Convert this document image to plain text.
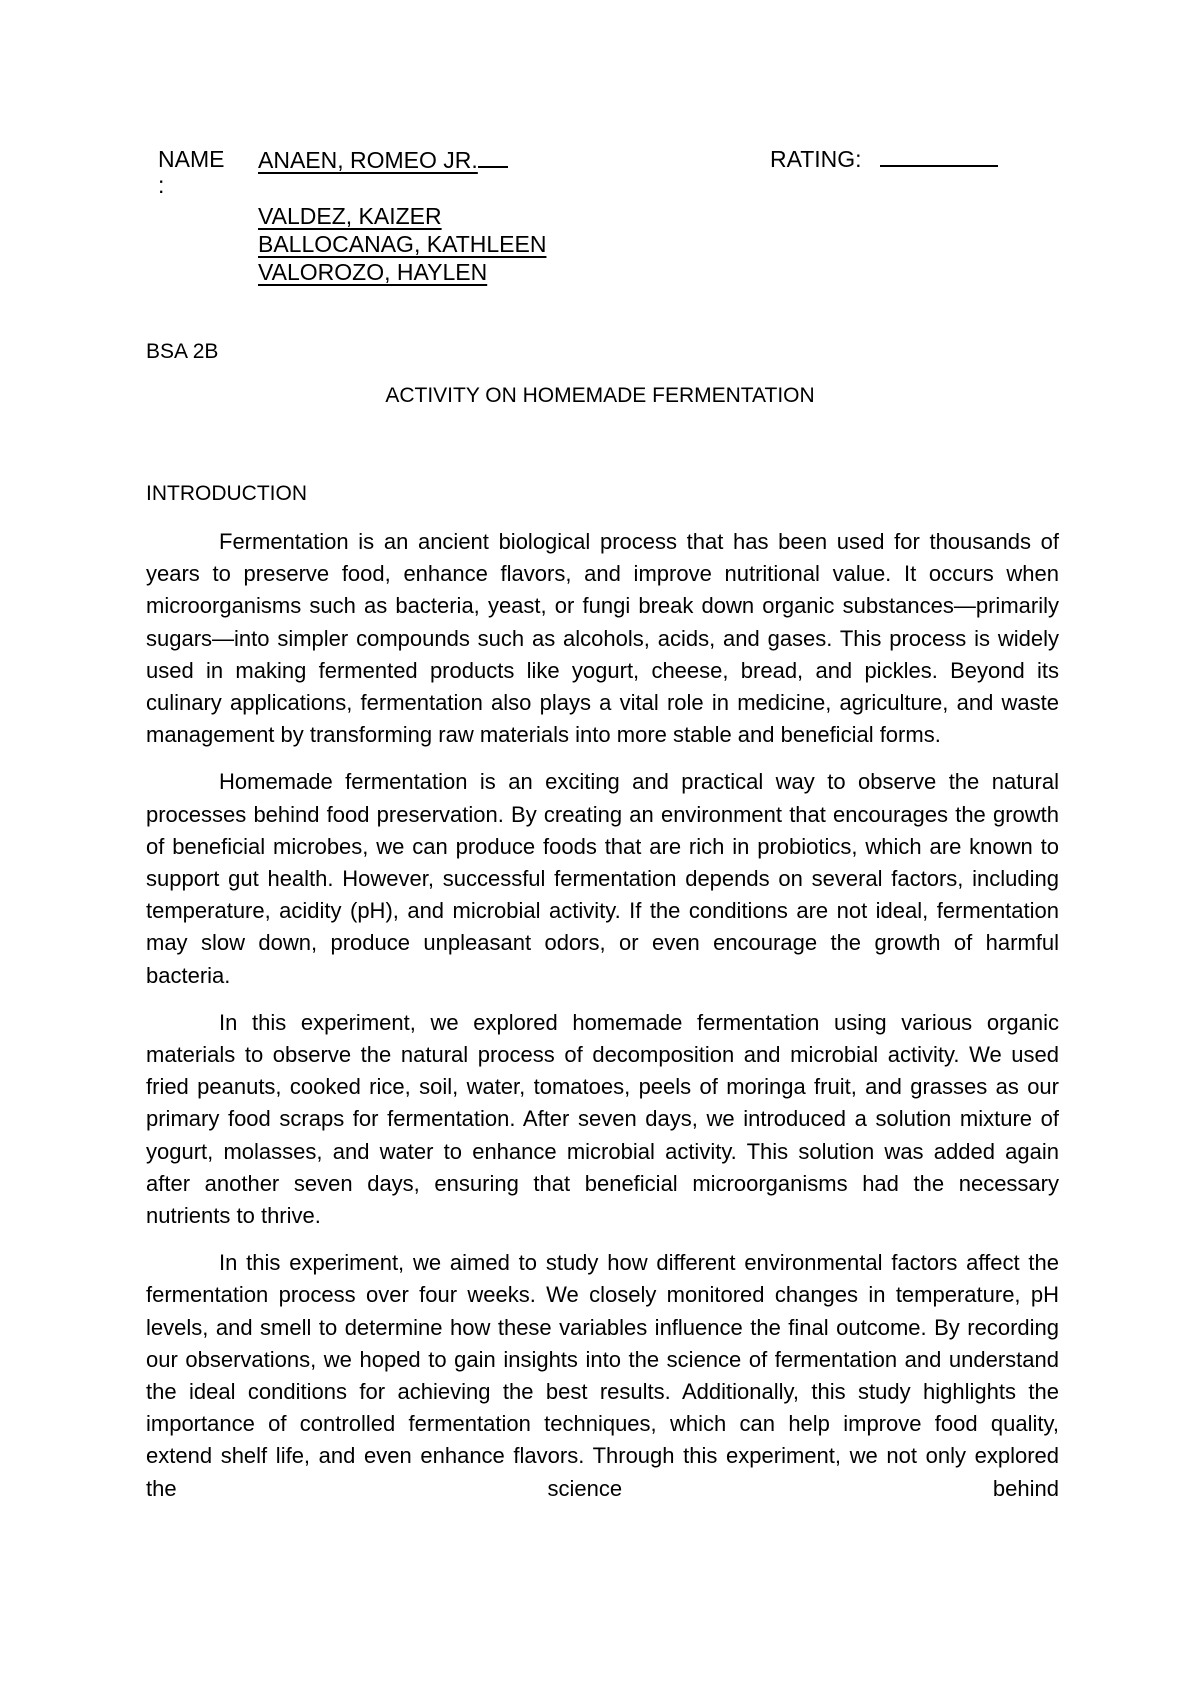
NAME
:
ANAEN, ROMEO JR.
VALDEZ, KAIZER
BALLOCANAG, KATHLEEN
VALOROZO, HAYLEN
RATING:
BSA 2B
ACTIVITY ON HOMEMADE FERMENTATION
INTRODUCTION

Fermentation is an ancient biological process that has been used for thousands of years to preserve food, enhance flavors, and improve nutritional value. It occurs when microorganisms such as bacteria, yeast, or fungi break down organic substances—primarily sugars—into simpler compounds such as alcohols, acids, and gases. This process is widely used in making fermented products like yogurt, cheese, bread, and pickles. Beyond its culinary applications, fermentation also plays a vital role in medicine, agriculture, and waste management by transforming raw materials into more stable and beneficial forms.

Homemade fermentation is an exciting and practical way to observe the natural processes behind food preservation. By creating an environment that encourages the growth of beneficial microbes, we can produce foods that are rich in probiotics, which are known to support gut health. However, successful fermentation depends on several factors, including temperature, acidity (pH), and microbial activity. If the conditions are not ideal, fermentation may slow down, produce unpleasant odors, or even encourage the growth of harmful bacteria.

In this experiment, we explored homemade fermentation using various organic materials to observe the natural process of decomposition and microbial activity. We used fried peanuts, cooked rice, soil, water, tomatoes, peels of moringa fruit, and grasses as our primary food scraps for fermentation. After seven days, we introduced a solution mixture of yogurt, molasses, and water to enhance microbial activity. This solution was added again after another seven days, ensuring that beneficial microorganisms had the necessary nutrients to thrive.

In this experiment, we aimed to study how different environmental factors affect the fermentation process over four weeks. We closely monitored changes in temperature, pH levels, and smell to determine how these variables influence the final outcome. By recording our observations, we hoped to gain insights into the science of fermentation and understand the ideal conditions for achieving the best results. Additionally, this study highlights the importance of controlled fermentation techniques, which can help improve food quality, extend shelf life, and even enhance flavors. Through this experiment, we not only explored the science behind
